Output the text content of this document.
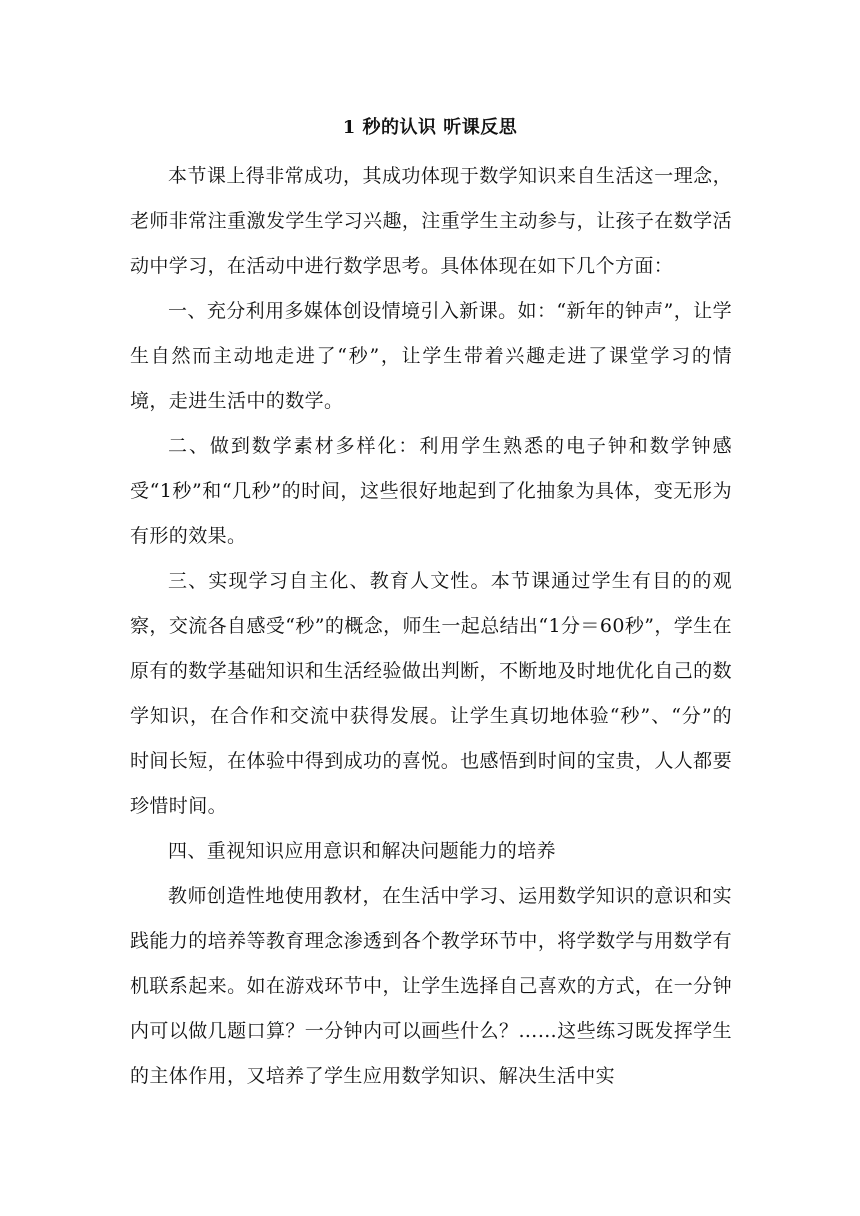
1 秒的认识 听课反思

本节课上得非常成功，其成功体现于数学知识来自生活这一理念，老师非常注重激发学生学习兴趣，注重学生主动参与，让孩子在数学活动中学习，在活动中进行数学思考。具体体现在如下几个方面：

一、充分利用多媒体创设情境引入新课。如：“新年的钟声”，让学生自然而主动地走进了“秒”，让学生带着兴趣走进了课堂学习的情境，走进生活中的数学。

二、做到数学素材多样化：利用学生熟悉的电子钟和数学钟感受“1秒”和“几秒”的时间，这些很好地起到了化抽象为具体，变无形为有形的效果。

三、实现学习自主化、教育人文性。本节课通过学生有目的的观察，交流各自感受“秒”的概念，师生一起总结出“1分＝60秒”，学生在原有的数学基础知识和生活经验做出判断，不断地及时地优化自己的数学知识，在合作和交流中获得发展。让学生真切地体验“秒”、“分”的时间长短，在体验中得到成功的喜悦。也感悟到时间的宝贵，人人都要珍惜时间。

四、重视知识应用意识和解决问题能力的培养

教师创造性地使用教材，在生活中学习、运用数学知识的意识和实践能力的培养等教育理念渗透到各个教学环节中，将学数学与用数学有机联系起来。如在游戏环节中，让学生选择自己喜欢的方式，在一分钟内可以做几题口算？一分钟内可以画些什么？……这些练习既发挥学生的主体作用，又培养了学生应用数学知识、解决生活中实
